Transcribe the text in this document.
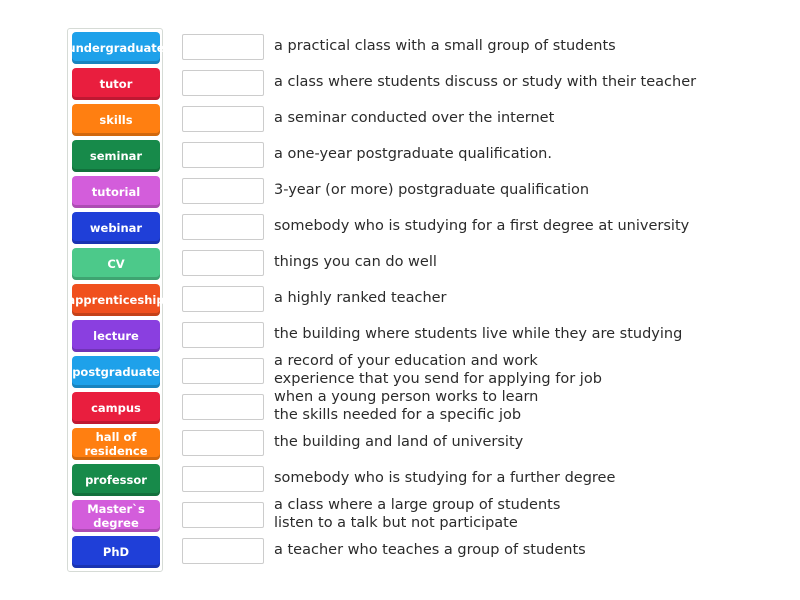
undergraduate
tutor
skills
seminar
tutorial
webinar
CV
apprenticeship
lecture
postgraduate
campus
hall of
residence
professor
Master`s
degree
PhD
a practical class with a small group of students
a class where students discuss or study with their teacher
a seminar conducted over the internet
a one-year postgraduate qualification.
3-year (or more) postgraduate qualification
somebody who is studying for a first degree at university
things you can do well
a highly ranked teacher
the building where students live while they are studying
a record of your education and work
experience that you send for applying for job
when a young person works to learn
the skills needed for a specific job
the building and land of university
somebody who is studying for a further degree
a class where a large group of students
listen to a talk but not participate
a teacher who teaches a group of students
